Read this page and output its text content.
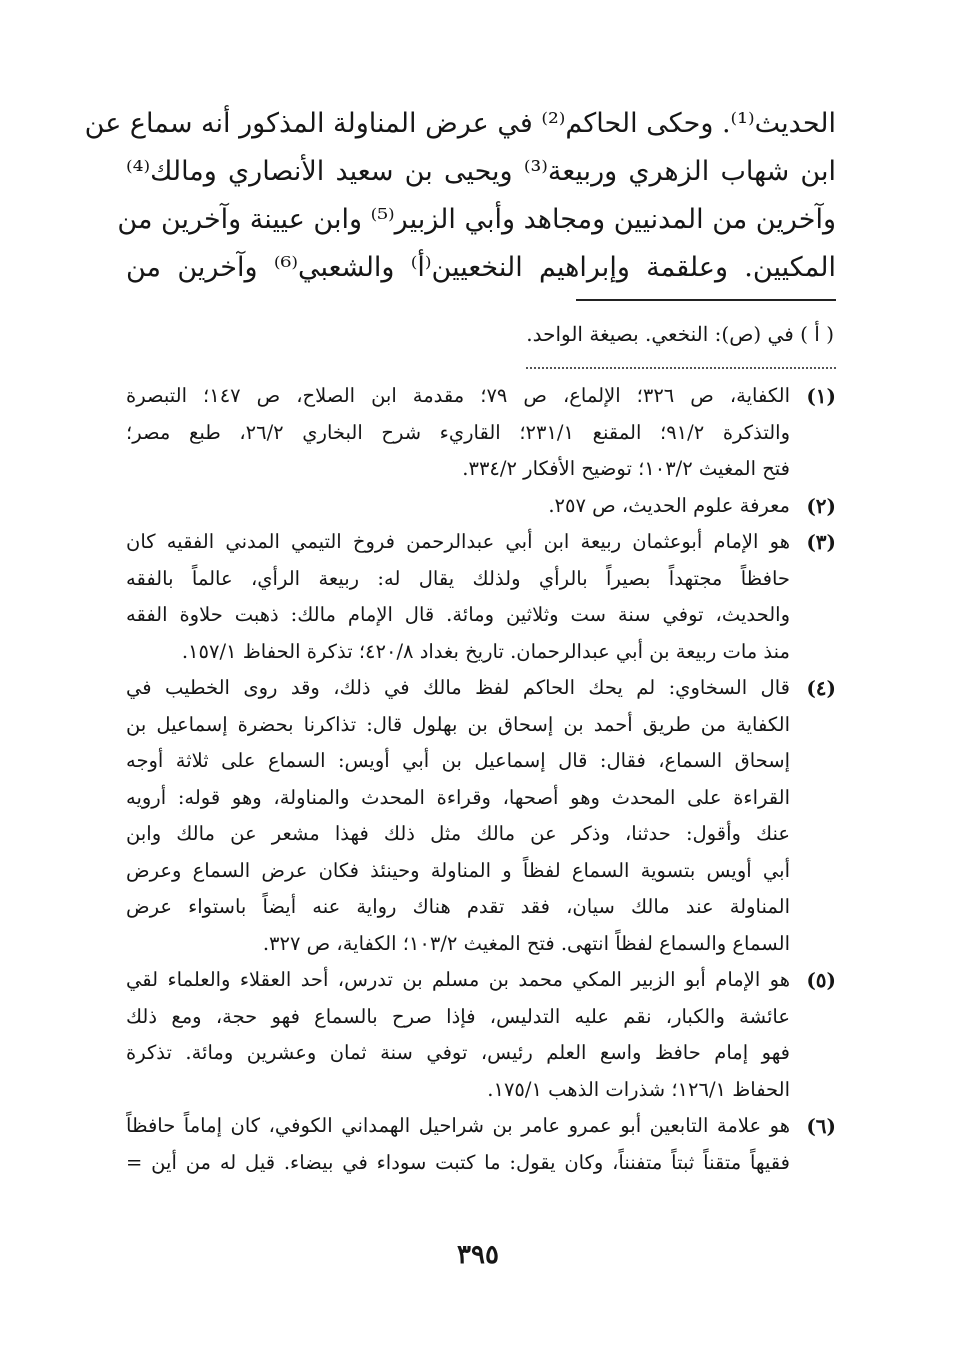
الحديث⁽¹⁾. وحكى الحاكم⁽²⁾ في عرض المناولة المذكور أنه سماع عن
ابن شهاب الزهري وربيعة⁽³⁾ ويحيى بن سعيد الأنصاري ومالك⁽⁴⁾
وآخرين من المدنيين ومجاهد وأبي الزبير⁽⁵⁾ وابن عيينة وآخرين من
المكيين. وعلقمة وإبراهيم النخعيين⁽أ⁾ والشعبي⁽⁶⁾ وآخرين من
( أ ) في (ص): النخعي. بصيغة الواحد.
(١)
الكفاية، ص ٣٢٦؛ الإلماع، ص ٧٩؛ مقدمة ابن الصلاح، ص ١٤٧؛ التبصرة
والتذكرة ٩١/٢؛ المقنع ٢٣١/١؛ القاريء شرح البخاري ٢٦/٢، طبع مصر؛
فتح المغيث ١٠٣/٢؛ توضيح الأفكار ٣٣٤/٢.
(٢)
معرفة علوم الحديث، ص ٢٥٧.
(٣)
هو الإمام أبوعثمان ربيعة ابن أبي عبدالرحمن فروخ التيمي المدني الفقيه كان
حافظاً مجتهداً بصيراً بالرأي ولذلك يقال له: ربيعة الرأي، عالماً بالفقه
والحديث، توفي سنة ست وثلاثين ومائة. قال الإمام مالك: ذهبت حلاوة الفقه
منذ مات ربيعة بن أبي عبدالرحمان. تاريخ بغداد ٤٢٠/٨؛ تذكرة الحفاظ ١٥٧/١.
(٤)
قال السخاوي: لم يحك الحاكم لفظ مالك في ذلك، وقد روى الخطيب في
الكفاية من طريق أحمد بن إسحاق بن بهلول قال: تذاكرنا بحضرة إسماعيل بن
إسحاق السماع، فقال: قال إسماعيل بن أبي أويس: السماع على ثلاثة أوجه
القراءة على المحدث وهو أصحها، وقراءة المحدث والمناولة، وهو قوله: أرويه
عنك وأقول: حدثنا، وذكر عن مالك مثل ذلك فهذا مشعر عن مالك وابن
أبي أويس بتسوية السماع لفظاً و المناولة وحينئذ فكان عرض السماع وعرض
المناولة عند مالك سيان، فقد تقدم هناك رواية عنه أيضاً باستواء عرض
السماع والسماع لفظاً انتهى. فتح المغيث ١٠٣/٢؛ الكفاية، ص ٣٢٧.
(٥)
هو الإمام أبو الزبير المكي محمد بن مسلم بن تدرس، أحد العقلاء والعلماء لقي
عائشة والكبار، نقم عليه التدليس، فإذا صرح بالسماع فهو حجة، ومع ذلك
فهو إمام حافظ واسع العلم رئيس، توفي سنة ثمان وعشرين ومائة. تذكرة
الحفاظ ١٢٦/١؛ شذرات الذهب ١٧٥/١.
(٦)
هو علامة التابعين أبو عمرو عامر بن شراحيل الهمداني الكوفي، كان إماماً حافظاً
فقيهاً متقناً ثبتاً متفنناً، وكان يقول: ما كتبت سوداء في بيضاء. قيل له من أين =
٣٩٥
